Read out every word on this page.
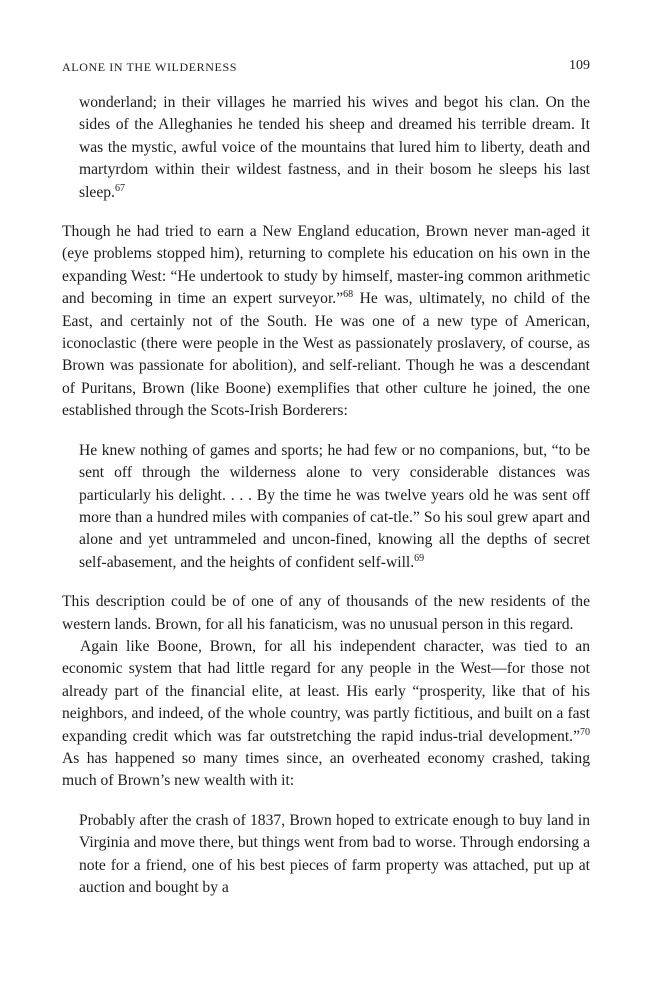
ALONE IN THE WILDERNESS	109

wonderland; in their villages he married his wives and begot his clan. On the sides of the Alleghanies he tended his sheep and dreamed his terrible dream. It was the mystic, awful voice of the mountains that lured him to liberty, death and martyrdom within their wildest fastness, and in their bosom he sleeps his last sleep.$^{67}$

Though he had tried to earn a New England education, Brown never man-aged it (eye problems stopped him), returning to complete his education on his own in the expanding West: “He undertook to study by himself, master-ing common arithmetic and becoming in time an expert surveyor.”$^{68}$ He was, ultimately, no child of the East, and certainly not of the South. He was one of a new type of American, iconoclastic (there were people in the West as passionately proslavery, of course, as Brown was passionate for abolition), and self-reliant. Though he was a descendant of Puritans, Brown (like Boone) exemplifies that other culture he joined, the one established through the Scots-Irish Borderers:

He knew nothing of games and sports; he had few or no companions, but, “to be sent off through the wilderness alone to very considerable distances was particularly his delight. . . . By the time he was twelve years old he was sent off more than a hundred miles with companies of cat-tle.” So his soul grew apart and alone and yet untrammeled and uncon-fined, knowing all the depths of secret self-abasement, and the heights of confident self-will.$^{69}$

This description could be of one of any of thousands of the new residents of the western lands. Brown, for all his fanaticism, was no unusual person in this regard.

Again like Boone, Brown, for all his independent character, was tied to an economic system that had little regard for any people in the West—for those not already part of the financial elite, at least. His early “prosperity, like that of his neighbors, and indeed, of the whole country, was partly fictitious, and built on a fast expanding credit which was far outstretching the rapid indus-trial development.”$^{70}$ As has happened so many times since, an overheated economy crashed, taking much of Brown’s new wealth with it:

Probably after the crash of 1837, Brown hoped to extricate enough to buy land in Virginia and move there, but things went from bad to worse. Through endorsing a note for a friend, one of his best pieces of farm property was attached, put up at auction and bought by a
